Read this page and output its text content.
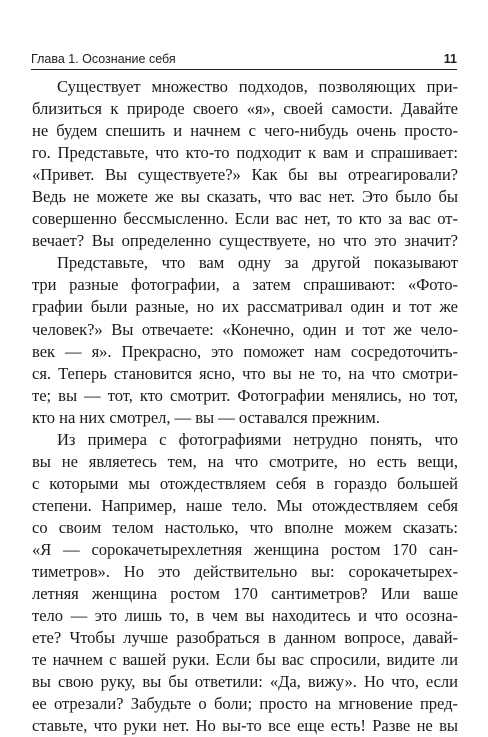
Глава 1. Осознание себя	11
Существует множество подходов, позволяющих при-
близиться к природе своего «я», своей самости. Давайте
не будем спешить и начнем с чего-нибудь очень просто-
го. Представьте, что кто-то подходит к вам и спрашивает:
«Привет. Вы существуете?» Как бы вы отреагировали?
Ведь не можете же вы сказать, что вас нет. Это было бы
совершенно бессмысленно. Если вас нет, то кто за вас от-
вечает? Вы определенно существуете, но что это значит?
Представьте, что вам одну за другой показывают
три разные фотографии, а затем спрашивают: «Фото-
графии были разные, но их рассматривал один и тот же
человек?» Вы отвечаете: «Конечно, один и тот же чело-
век — я». Прекрасно, это поможет нам сосредоточить-
ся. Теперь становится ясно, что вы не то, на что смотри-
те; вы — тот, кто смотрит. Фотографии менялись, но тот,
кто на них смотрел, — вы — оставался прежним.
Из примера с фотографиями нетрудно понять, что
вы не являетесь тем, на что смотрите, но есть вещи,
с которыми мы отождествляем себя в гораздо большей
степени. Например, наше тело. Мы отождествляем себя
со своим телом настолько, что вполне можем сказать:
«Я — сорокачетырехлетняя женщина ростом 170 сан-
тиметров». Но это действительно вы: сорокачетырех-
летняя женщина ростом 170 сантиметров? Или ваше
тело — это лишь то, в чем вы находитесь и что осозна-
ете? Чтобы лучше разобраться в данном вопросе, давай-
те начнем с вашей руки. Если бы вас спросили, видите ли
вы свою руку, вы бы ответили: «Да, вижу». Но что, если
ее отрезали? Забудьте о боли; просто на мгновение пред-
ставьте, что руки нет. Но вы-то все еще есть! Разве не вы
